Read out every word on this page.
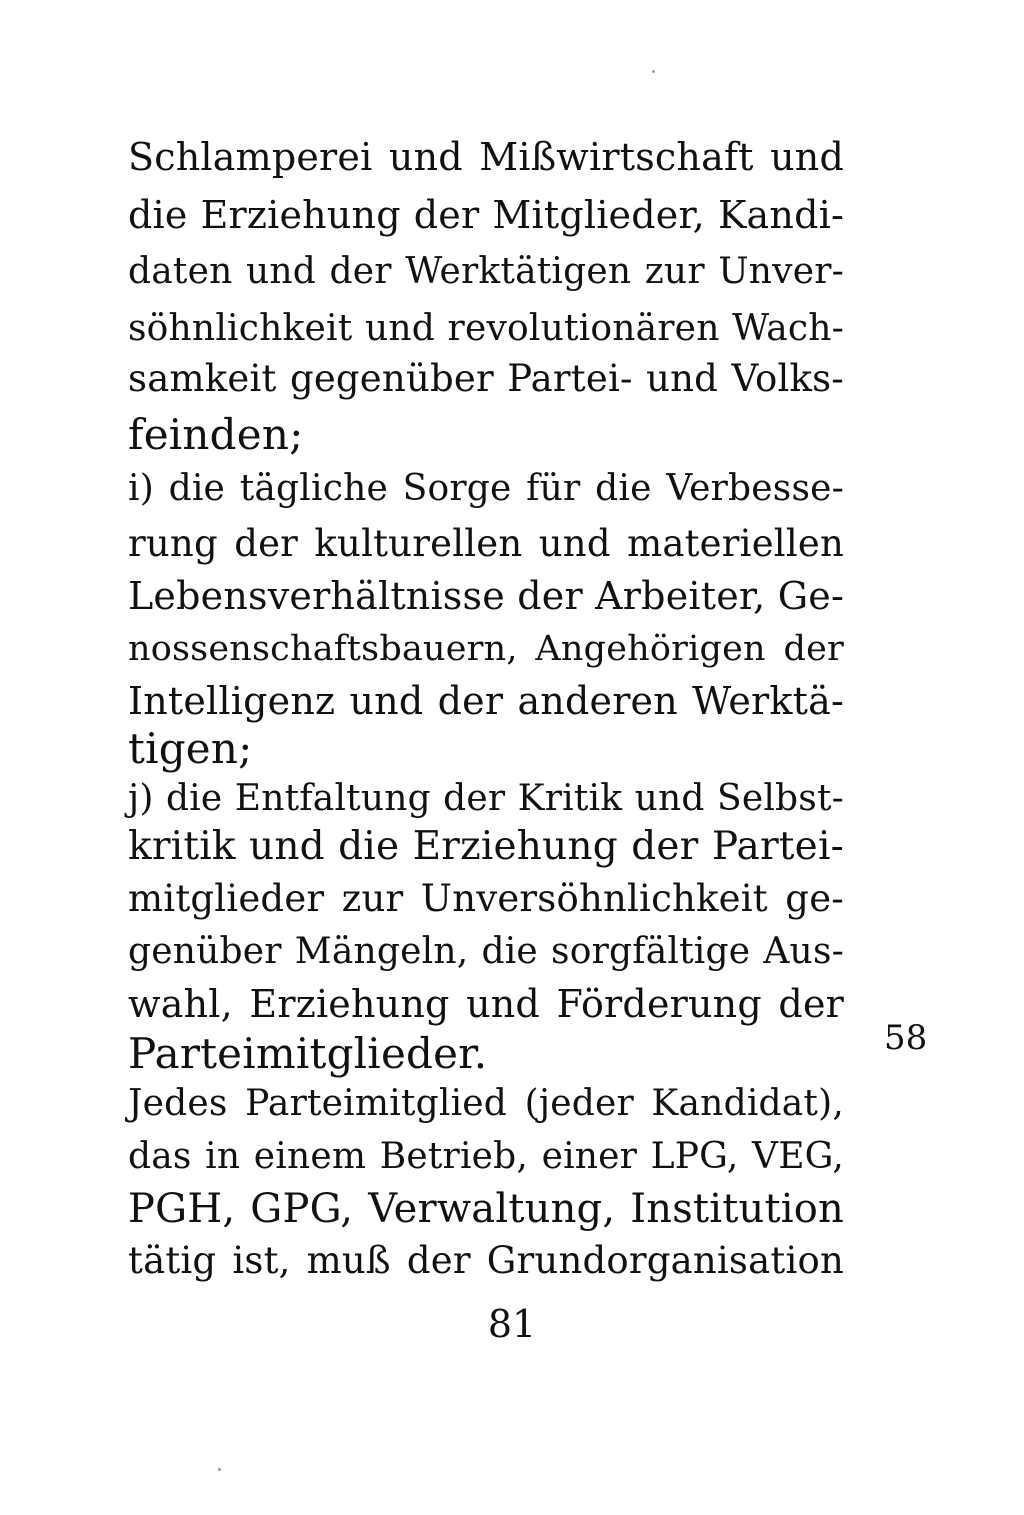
Schlamperei und Mißwirtschaft und
die Erziehung der Mitglieder, Kandi-
daten und der Werktätigen zur Unver-
söhnlichkeit und revolutionären Wach-
samkeit gegenüber Partei- und Volks-
feinden;
i) die tägliche Sorge für die Verbesse-
rung der kulturellen und materiellen
Lebensverhältnisse der Arbeiter, Ge-
nossenschaftsbauern, Angehörigen der
Intelligenz und der anderen Werktä-
tigen;
j) die Entfaltung der Kritik und Selbst-
kritik und die Erziehung der Partei-
mitglieder zur Unversöhnlichkeit ge-
genüber Mängeln, die sorgfältige Aus-
wahl, Erziehung und Förderung der
Parteimitglieder.
Jedes Parteimitglied (jeder Kandidat),
das in einem Betrieb, einer LPG, VEG,
PGH, GPG, Verwaltung, Institution
tätig ist, muß der Grundorganisation
58
81
